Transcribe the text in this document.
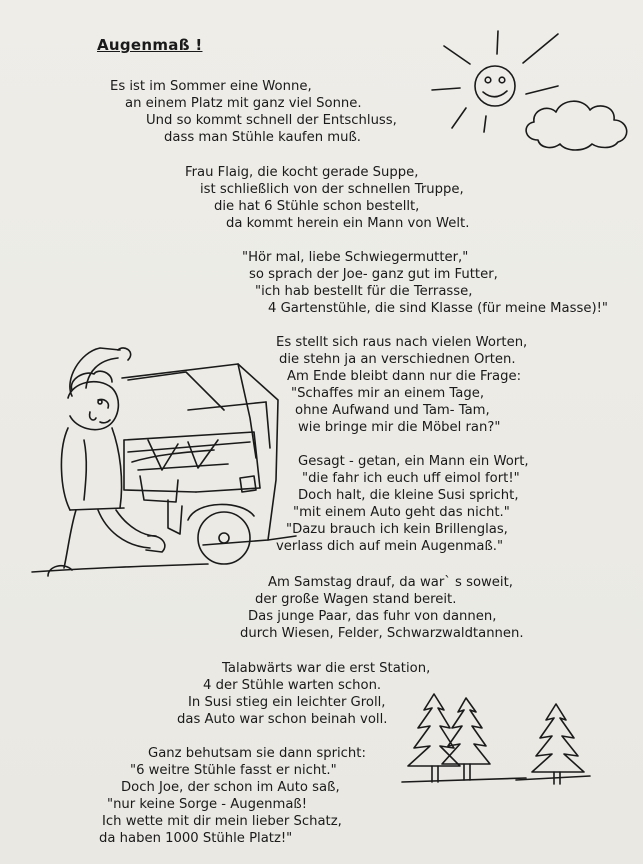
Augenmaß !
Es ist im Sommer eine Wonne,
an einem Platz mit ganz viel Sonne.
Und so kommt schnell der Entschluss,
dass man Stühle kaufen muß.
Frau Flaig, die kocht gerade Suppe,
ist schließlich von der schnellen Truppe,
die hat 6 Stühle schon bestellt,
da kommt herein ein Mann von Welt.
"Hör mal, liebe Schwiegermutter,"
so sprach der Joe- ganz gut im Futter,
"ich hab bestellt für die Terrasse,
4 Gartenstühle, die sind Klasse (für meine Masse)!"
Es stellt sich raus nach vielen Worten,
die stehn ja an verschiednen Orten.
Am Ende bleibt dann nur die Frage:
"Schaffes mir an einem Tage,
ohne Aufwand und Tam- Tam,
wie bringe mir die Möbel ran?"
Gesagt - getan, ein Mann ein Wort,
"die fahr ich euch uff eimol fort!"
Doch halt, die kleine Susi spricht,
"mit einem Auto geht das nicht."
"Dazu brauch ich kein Brillenglas,
verlass dich auf mein Augenmaß."
Am Samstag drauf, da war` s soweit,
der große Wagen stand bereit.
Das junge Paar, das fuhr von dannen,
durch Wiesen, Felder, Schwarzwaldtannen.
Talabwärts war die erst Station,
4 der Stühle warten schon.
In Susi stieg ein leichter Groll,
das Auto war schon beinah voll.
Ganz behutsam sie dann spricht:
"6 weitre Stühle fasst er nicht."
Doch Joe, der schon im Auto saß,
"nur keine Sorge - Augenmaß!
Ich wette mit dir mein lieber Schatz,
da haben 1000 Stühle Platz!"
